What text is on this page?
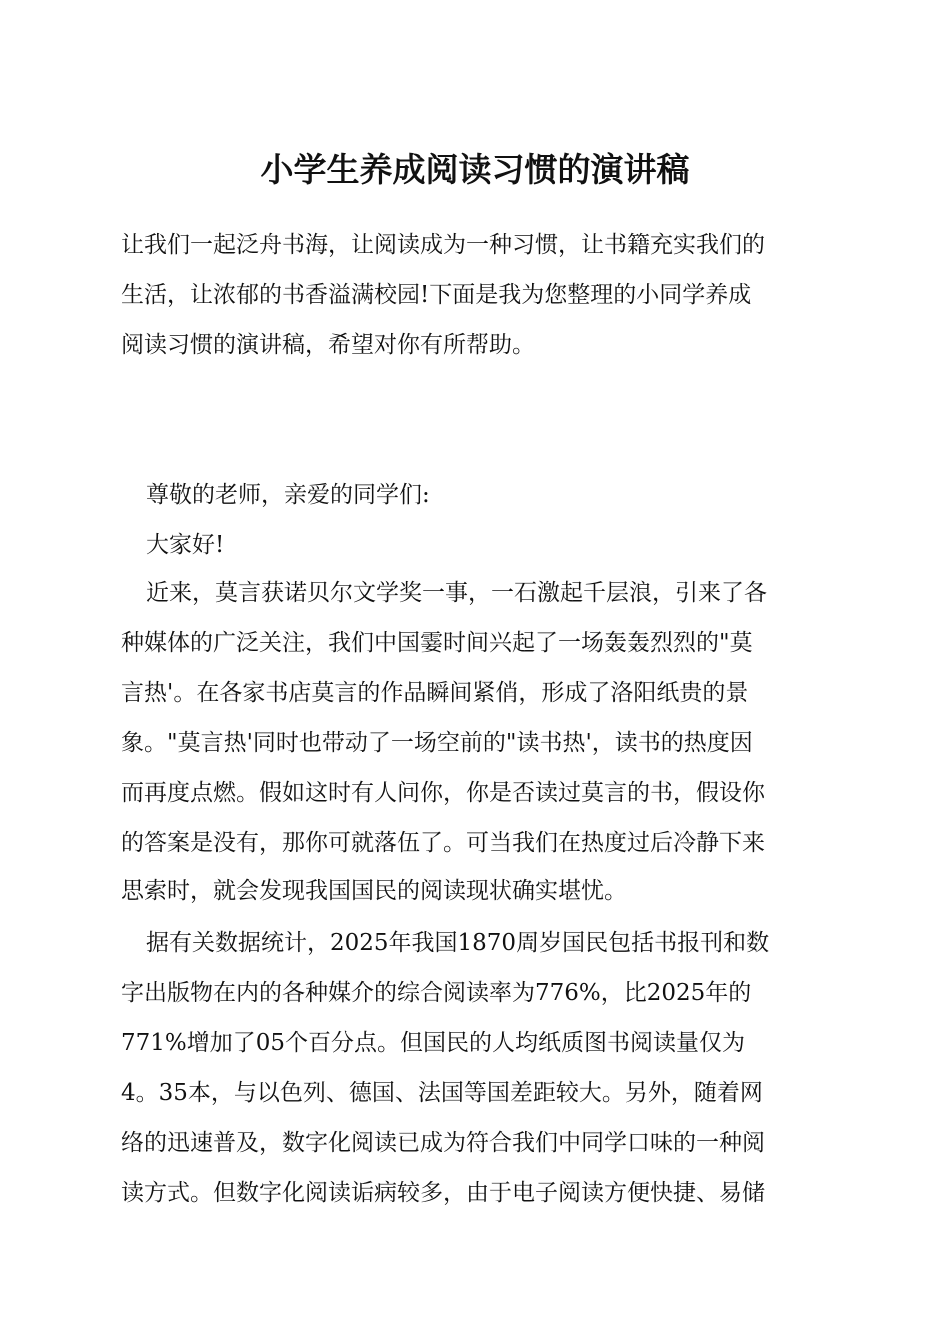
小学生养成阅读习惯的演讲稿

让我们一起泛舟书海，让阅读成为一种习惯，让书籍充实我们的

生活，让浓郁的书香溢满校园!下面是我为您整理的小同学养成

阅读习惯的演讲稿，希望对你有所帮助。

尊敬的老师，亲爱的同学们:

大家好!

近来，莫言获诺贝尔文学奖一事，一石激起千层浪，引来了各

种媒体的广泛关注，我们中国霎时间兴起了一场轰轰烈烈的"莫

言热'。在各家书店莫言的作品瞬间紧俏，形成了洛阳纸贵的景

象。"莫言热'同时也带动了一场空前的"读书热'，读书的热度因

而再度点燃。假如这时有人问你，你是否读过莫言的书，假设你

的答案是没有，那你可就落伍了。可当我们在热度过后冷静下来

思索时，就会发现我国国民的阅读现状确实堪忧。

据有关数据统计，2025年我国1870周岁国民包括书报刊和数

字出版物在内的各种媒介的综合阅读率为776%，比2025年的

771%增加了05个百分点。但国民的人均纸质图书阅读量仅为

4。35本，与以色列、德国、法国等国差距较大。另外，随着网

络的迅速普及，数字化阅读已成为符合我们中同学口味的一种阅

读方式。但数字化阅读诟病较多，由于电子阅读方便快捷、易储
